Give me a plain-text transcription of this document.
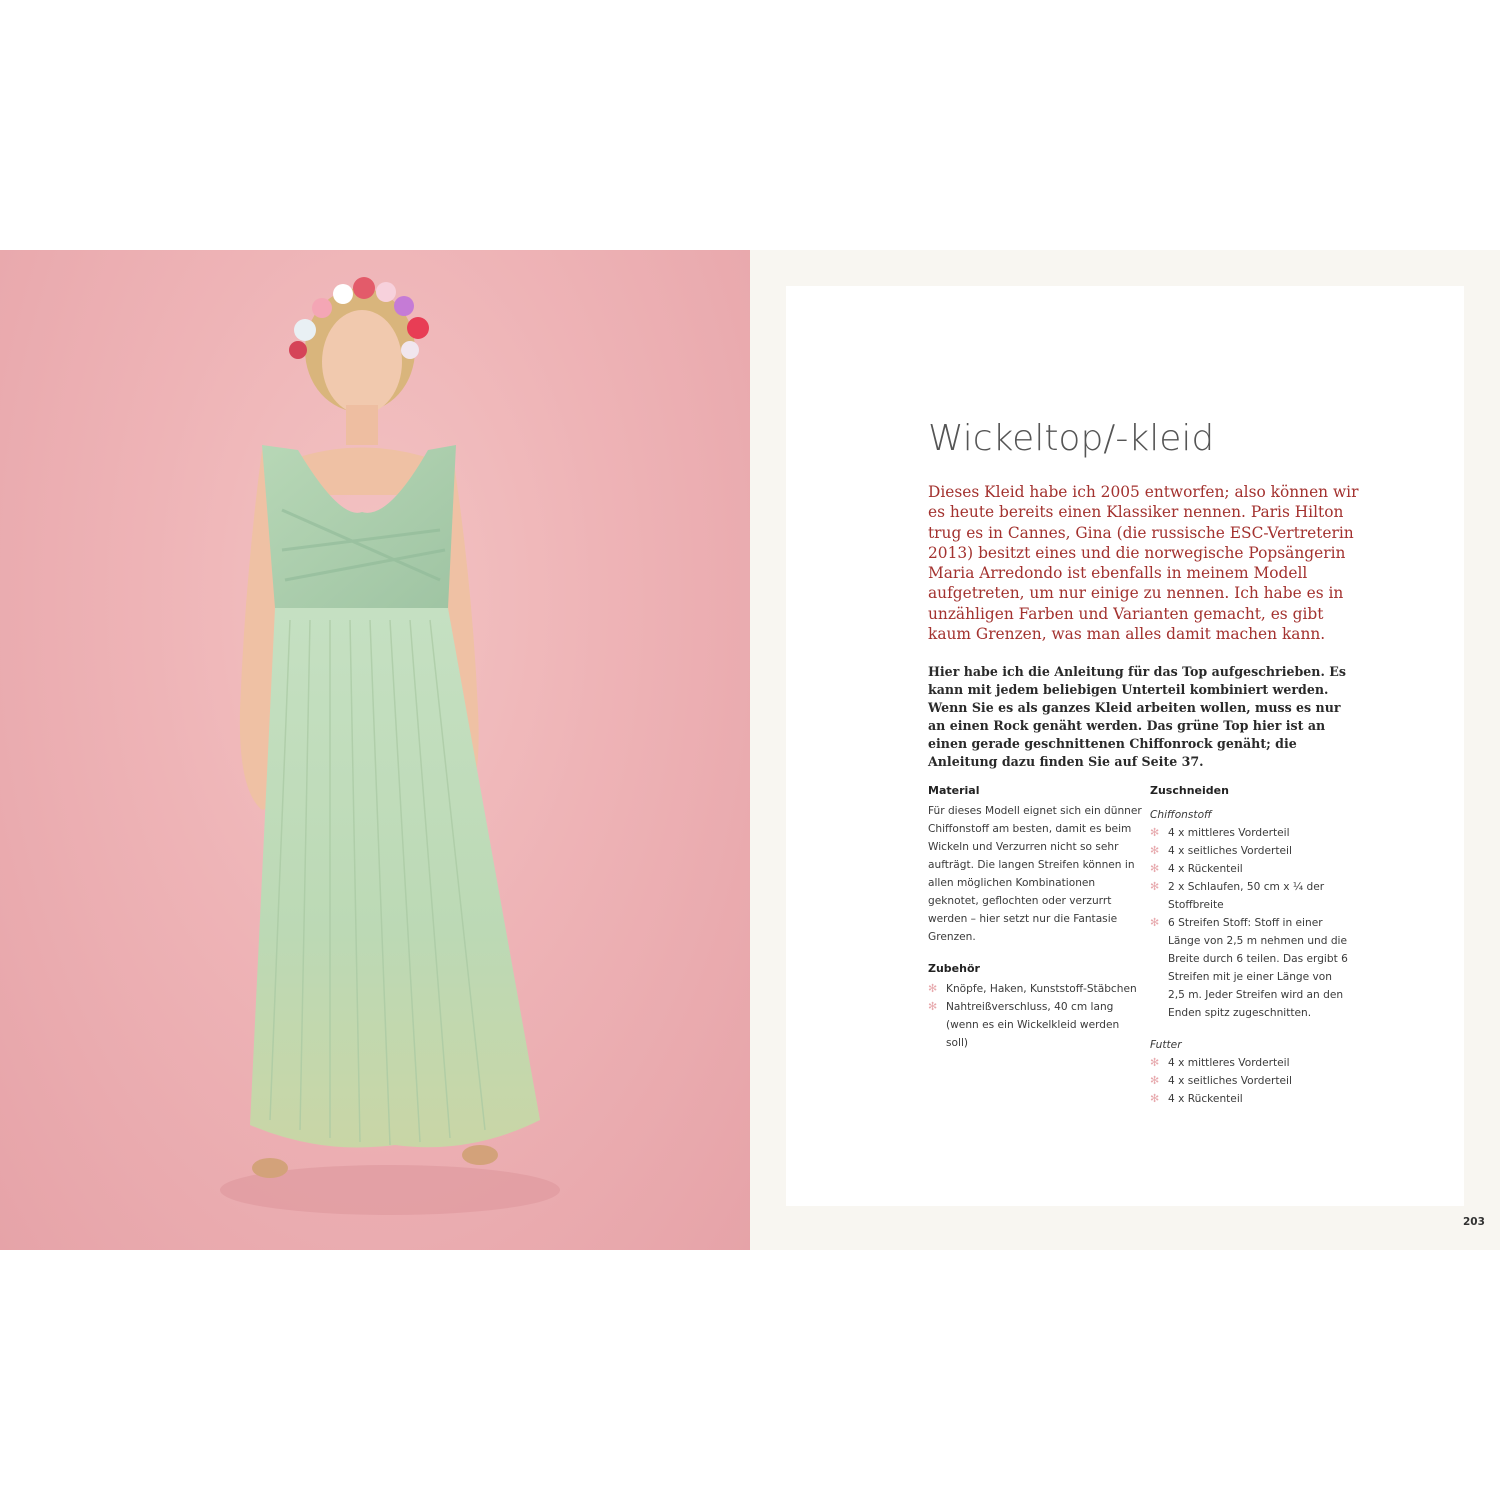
Wickeltop/-kleid

Dieses Kleid habe ich 2005 entworfen; also können wir es heute bereits einen Klassiker nennen. Paris Hilton trug es in Cannes, Gina (die russische ESC-Vertreterin 2013) besitzt eines und die norwegische Popsängerin Maria Arredondo ist ebenfalls in meinem Modell aufgetreten, um nur einige zu nennen. Ich habe es in unzähligen Farben und Varianten gemacht, es gibt kaum Grenzen, was man alles damit machen kann.

Hier habe ich die Anleitung für das Top aufgeschrieben. Es kann mit jedem beliebigen Unterteil kombiniert werden. Wenn Sie es als ganzes Kleid arbeiten wollen, muss es nur an einen Rock genäht werden. Das grüne Top hier ist an einen gerade geschnittenen Chiffonrock genäht; die Anleitung dazu finden Sie auf Seite 37.

Material

Für dieses Modell eignet sich ein dünner Chiffonstoff am besten, damit es beim Wickeln und Verzurren nicht so sehr aufträgt. Die langen Streifen können in allen möglichen Kombinationen geknotet, geflochten oder verzurrt werden – hier setzt nur die Fantasie Grenzen.

Zubehör

✻ Knöpfe, Haken, Kunststoff-Stäbchen
✻ Nahtreißverschluss, 40 cm lang (wenn es ein Wickelkleid werden soll)

Zuschneiden

Chiffonstoff

✻ 4 x mittleres Vorderteil
✻ 4 x seitliches Vorderteil
✻ 4 x Rückenteil
✻ 2 x Schlaufen, 50 cm x ¼ der Stoffbreite
✻ 6 Streifen Stoff: Stoff in einer Länge von 2,5 m nehmen und die Breite durch 6 teilen. Das ergibt 6 Streifen mit je einer Länge von 2,5 m. Jeder Streifen wird an den Enden spitz zugeschnitten.

Futter

✻ 4 x mittleres Vorderteil
✻ 4 x seitliches Vorderteil
✻ 4 x Rückenteil
203
